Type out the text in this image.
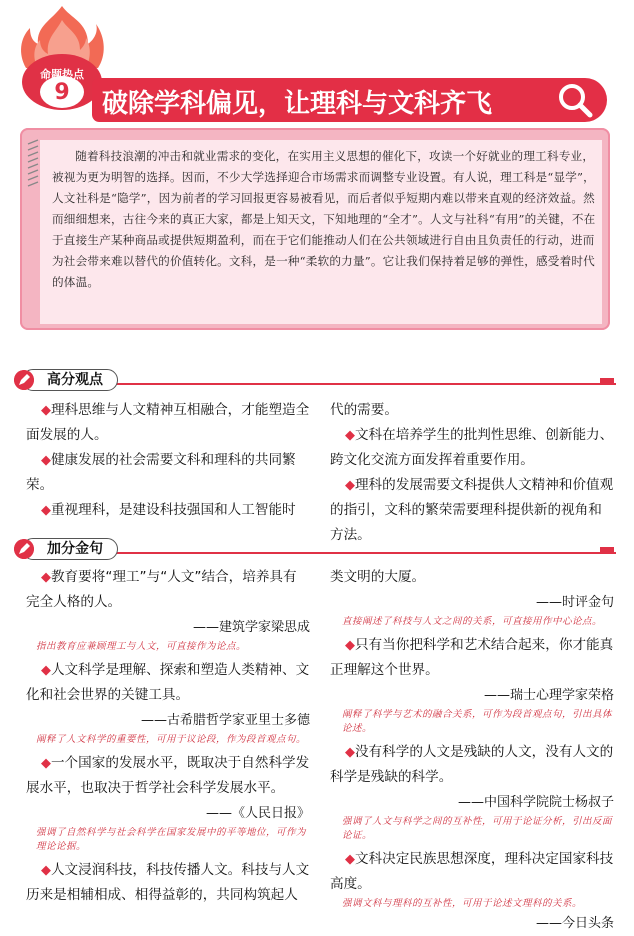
命题热点
9	破除学科偏见，让理科与文科齐飞
随着科技浪潮的冲击和就业需求的变化，在实用主义思想的催化下，攻读一个好就业的理工科专业，被视为更为明智的选择。因而，不少大学选择迎合市场需求而调整专业设置。有人说，理工科是“显学”，人文社科是“隐学”，因为前者的学习回报更容易被看见，而后者似乎短期内难以带来直观的经济效益。然而细细想来，古往今来的真正大家，都是上知天文，下知地理的“全才”。人文与社科“有用”的关键，不在于直接生产某种商品或提供短期盈利，而在于它们能推动人们在公共领域进行自由且负责任的行动，进而为社会带来难以替代的价值转化。文科，是一种“柔软的力量”。它让我们保持着足够的弹性，感受着时代的体温。
高分观点

◆理科思维与人文精神互相融合，才能塑造全面发展的人。

◆健康发展的社会需要文科和理科的共同繁荣。

◆重视理科，是建设科技强国和人工智能时

代的需要。

◆文科在培养学生的批判性思维、创新能力、跨文化交流方面发挥着重要作用。

◆理科的发展需要文科提供人文精神和价值观的指引，文科的繁荣需要理科提供新的视角和方法。

加分金句

◆教育要将“理工”与“人文”结合，培养具有完全人格的人。

——建筑学家梁思成

指出教育应兼顾理工与人文，可直接作为论点。

◆人文科学是理解、探索和塑造人类精神、文化和社会世界的关键工具。

——古希腊哲学家亚里士多德

阐释了人文科学的重要性，可用于议论段，作为段首观点句。

◆一个国家的发展水平，既取决于自然科学发展水平，也取决于哲学社会科学发展水平。

——《人民日报》

强调了自然科学与社会科学在国家发展中的平等地位，可作为理论论据。

◆人文浸润科技，科技传播人文。科技与人文历来是相辅相成、相得益彰的，共同构筑起人

类文明的大厦。

——时评金句

直接阐述了科技与人文之间的关系，可直接用作中心论点。

◆只有当你把科学和艺术结合起来，你才能真正理解这个世界。

——瑞士心理学家荣格

阐释了科学与艺术的融合关系，可作为段首观点句，引出具体论述。

◆没有科学的人文是残缺的人文，没有人文的科学是残缺的科学。

——中国科学院院士杨叔子

强调了人文与科学之间的互补性，可用于论证分析，引出反面论证。

◆文科决定民族思想深度，理科决定国家科技高度。

强调文科与理科的互补性，可用于论述文理科的关系。

——今日头条
